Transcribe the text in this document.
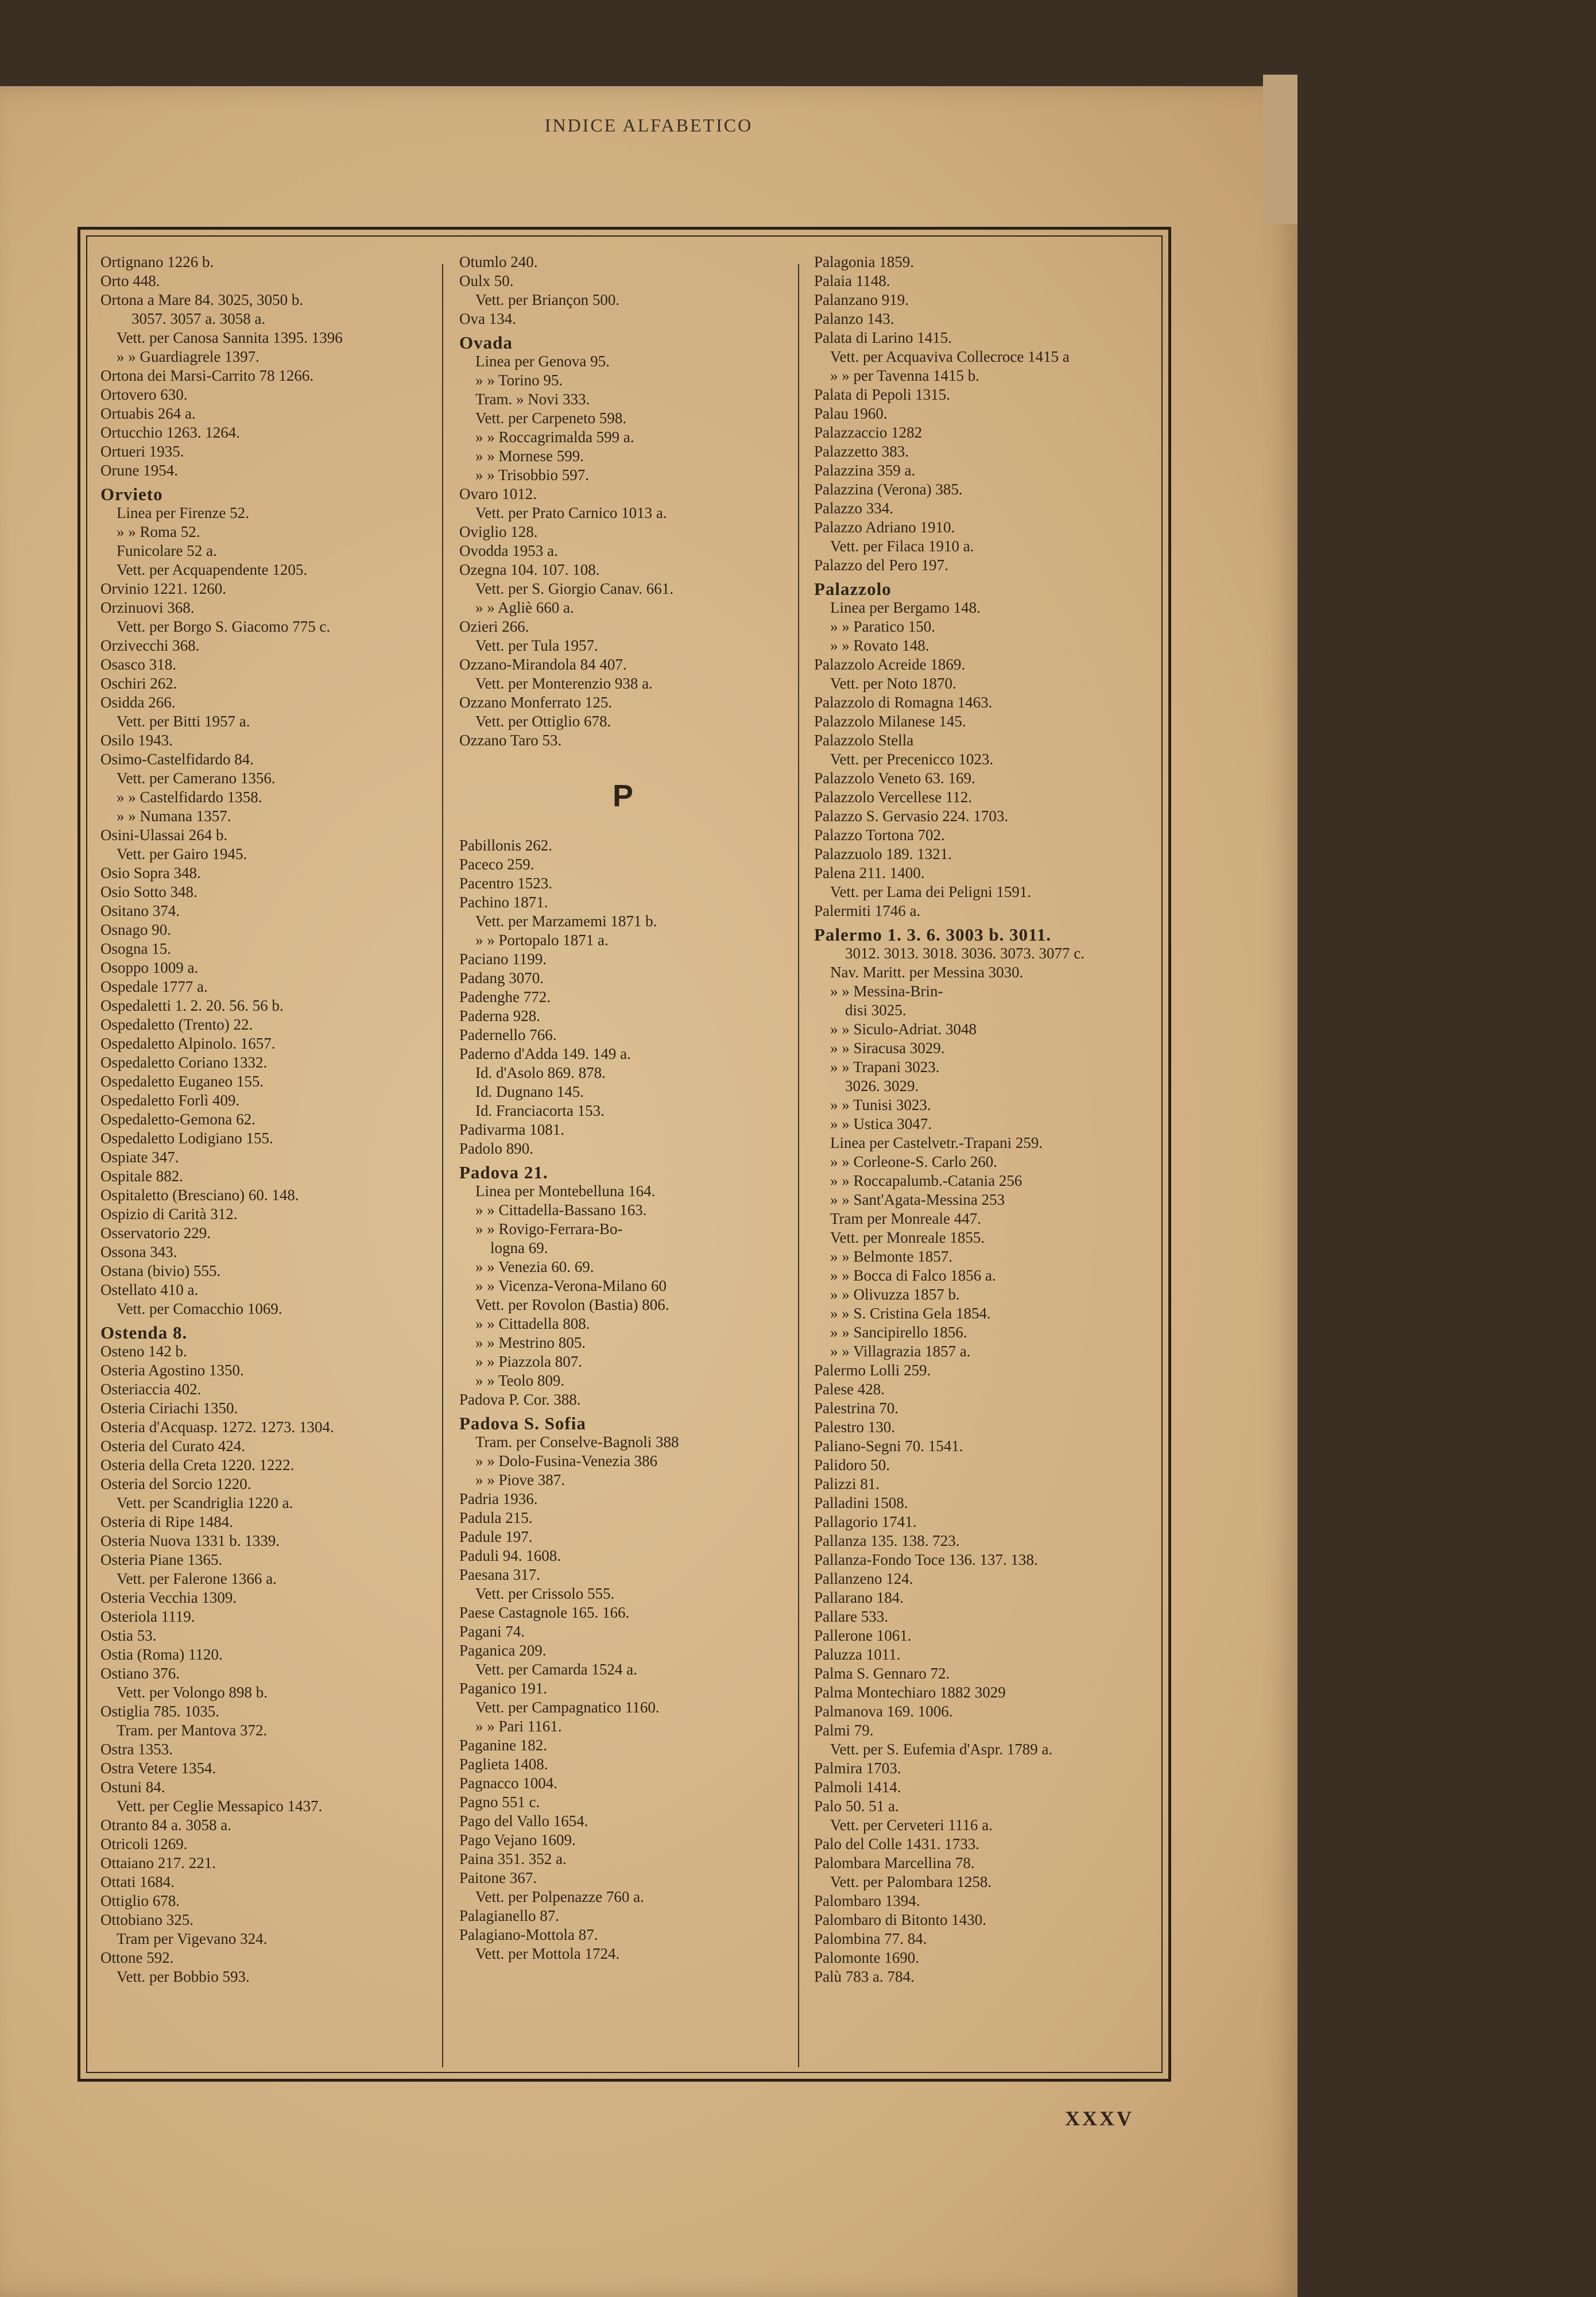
INDICE ALFABETICO
Ortignano 1226 b.
Orto 448.
Ortona a Mare 84. 3025, 3050 b.
3057. 3057 a. 3058 a.
Vett. per Canosa Sannita 1395. 1396
» » Guardiagrele 1397.
Ortona dei Marsi-Carrito 78 1266.
Ortovero 630.
Ortuabis 264 a.
Ortucchio 1263. 1264.
Ortueri 1935.
Orune 1954.
Orvieto
Linea per Firenze 52.
» » Roma 52.
Funicolare 52 a.
Vett. per Acquapendente 1205.
Orvinio 1221. 1260.
Orzinuovi 368.
Vett. per Borgo S. Giacomo 775 c.
Orzivecchi 368.
Osasco 318.
Oschiri 262.
Osidda 266.
Vett. per Bitti 1957 a.
Osilo 1943.
Osimo-Castelfidardo 84.
Vett. per Camerano 1356.
» » Castelfidardo 1358.
» » Numana 1357.
Osini-Ulassai 264 b.
Vett. per Gairo 1945.
Osio Sopra 348.
Osio Sotto 348.
Ositano 374.
Osnago 90.
Osogna 15.
Osoppo 1009 a.
Ospedale 1777 a.
Ospedaletti 1. 2. 20. 56. 56 b.
Ospedaletto (Trento) 22.
Ospedaletto Alpinolo. 1657.
Ospedaletto Coriano 1332.
Ospedaletto Euganeo 155.
Ospedaletto Forlì 409.
Ospedaletto-Gemona 62.
Ospedaletto Lodigiano 155.
Ospiate 347.
Ospitale 882.
Ospitaletto (Bresciano) 60. 148.
Ospizio di Carità 312.
Osservatorio 229.
Ossona 343.
Ostana (bivio) 555.
Ostellato 410 a.
Vett. per Comacchio 1069.
Ostenda 8.
Osteno 142 b.
Osteria Agostino 1350.
Osteriaccia 402.
Osteria Ciriachi 1350.
Osteria d'Acquasp. 1272. 1273. 1304.
Osteria del Curato 424.
Osteria della Creta 1220. 1222.
Osteria del Sorcio 1220.
Vett. per Scandriglia 1220 a.
Osteria di Ripe 1484.
Osteria Nuova 1331 b. 1339.
Osteria Piane 1365.
Vett. per Falerone 1366 a.
Osteria Vecchia 1309.
Osteriola 1119.
Ostia 53.
Ostia (Roma) 1120.
Ostiano 376.
Vett. per Volongo 898 b.
Ostiglia 785. 1035.
Tram. per Mantova 372.
Ostra 1353.
Ostra Vetere 1354.
Ostuni 84.
Vett. per Ceglie Messapico 1437.
Otranto 84 a. 3058 a.
Otricoli 1269.
Ottaiano 217. 221.
Ottati 1684.
Ottiglio 678.
Ottobiano 325.
Tram per Vigevano 324.
Ottone 592.
Vett. per Bobbio 593.
Otumlo 240.
Oulx 50.
Vett. per Briançon 500.
Ova 134.
Ovada
Linea per Genova 95.
» » Torino 95.
Tram. » Novi 333.
Vett. per Carpeneto 598.
» » Roccagrimalda 599 a.
» » Mornese 599.
» » Trisobbio 597.
Ovaro 1012.
Vett. per Prato Carnico 1013 a.
Oviglio 128.
Ovodda 1953 a.
Ozegna 104. 107. 108.
Vett. per S. Giorgio Canav. 661.
» » Agliè 660 a.
Ozieri 266.
Vett. per Tula 1957.
Ozzano-Mirandola 84 407.
Vett. per Monterenzio 938 a.
Ozzano Monferrato 125.
Vett. per Ottiglio 678.
Ozzano Taro 53.
P
Pabillonis 262.
Paceco 259.
Pacentro 1523.
Pachino 1871.
Vett. per Marzamemi 1871 b.
» » Portopalo 1871 a.
Paciano 1199.
Padang 3070.
Padenghe 772.
Paderna 928.
Padernello 766.
Paderno d'Adda 149. 149 a.
Id. d'Asolo 869. 878.
Id. Dugnano 145.
Id. Franciacorta 153.
Padivarma 1081.
Padolo 890.
Padova 21.
Linea per Montebelluna 164.
» » Cittadella-Bassano 163.
» » Rovigo-Ferrara-Bo-
logna 69.
» » Venezia 60. 69.
» » Vicenza-Verona-Milano 60
Vett. per Rovolon (Bastia) 806.
» » Cittadella 808.
» » Mestrino 805.
» » Piazzola 807.
» » Teolo 809.
Padova P. Cor. 388.
Padova S. Sofia
Tram. per Conselve-Bagnoli 388
» » Dolo-Fusina-Venezia 386
» » Piove 387.
Padria 1936.
Padula 215.
Padule 197.
Paduli 94. 1608.
Paesana 317.
Vett. per Crissolo 555.
Paese Castagnole 165. 166.
Pagani 74.
Paganica 209.
Vett. per Camarda 1524 a.
Paganico 191.
Vett. per Campagnatico 1160.
» » Pari 1161.
Paganine 182.
Paglieta 1408.
Pagnacco 1004.
Pagno 551 c.
Pago del Vallo 1654.
Pago Vejano 1609.
Paina 351. 352 a.
Paitone 367.
Vett. per Polpenazze 760 a.
Palagianello 87.
Palagiano-Mottola 87.
Vett. per Mottola 1724.
Palagonia 1859.
Palaia 1148.
Palanzano 919.
Palanzo 143.
Palata di Larino 1415.
Vett. per Acquaviva Collecroce 1415 a
» » per Tavenna 1415 b.
Palata di Pepoli 1315.
Palau 1960.
Palazzaccio 1282
Palazzetto 383.
Palazzina 359 a.
Palazzina (Verona) 385.
Palazzo 334.
Palazzo Adriano 1910.
Vett. per Filaca 1910 a.
Palazzo del Pero 197.
Palazzolo
Linea per Bergamo 148.
» » Paratico 150.
» » Rovato 148.
Palazzolo Acreide 1869.
Vett. per Noto 1870.
Palazzolo di Romagna 1463.
Palazzolo Milanese 145.
Palazzolo Stella
Vett. per Precenicco 1023.
Palazzolo Veneto 63. 169.
Palazzolo Vercellese 112.
Palazzo S. Gervasio 224. 1703.
Palazzo Tortona 702.
Palazzuolo 189. 1321.
Palena 211. 1400.
Vett. per Lama dei Peligni 1591.
Palermiti 1746 a.
Palermo 1. 3. 6. 3003 b. 3011.
3012. 3013. 3018. 3036. 3073. 3077 c.
Nav. Maritt. per Messina 3030.
» » Messina-Brin-
disi 3025.
» » Siculo-Adriat. 3048
» » Siracusa 3029.
» » Trapani 3023.
3026. 3029.
» » Tunisi 3023.
» » Ustica 3047.
Linea per Castelvetr.-Trapani 259.
» » Corleone-S. Carlo 260.
» » Roccapalumb.-Catania 256
» » Sant'Agata-Messina 253
Tram per Monreale 447.
Vett. per Monreale 1855.
» » Belmonte 1857.
» » Bocca di Falco 1856 a.
» » Olivuzza 1857 b.
» » S. Cristina Gela 1854.
» » Sancipirello 1856.
» » Villagrazia 1857 a.
Palermo Lolli 259.
Palese 428.
Palestrina 70.
Palestro 130.
Paliano-Segni 70. 1541.
Palidoro 50.
Palizzi 81.
Palladini 1508.
Pallagorio 1741.
Pallanza 135. 138. 723.
Pallanza-Fondo Toce 136. 137. 138.
Pallanzeno 124.
Pallarano 184.
Pallare 533.
Pallerone 1061.
Paluzza 1011.
Palma S. Gennaro 72.
Palma Montechiaro 1882 3029
Palmanova 169. 1006.
Palmi 79.
Vett. per S. Eufemia d'Aspr. 1789 a.
Palmira 1703.
Palmoli 1414.
Palo 50. 51 a.
Vett. per Cerveteri 1116 a.
Palo del Colle 1431. 1733.
Palombara Marcellina 78.
Vett. per Palombara 1258.
Palombaro 1394.
Palombaro di Bitonto 1430.
Palombina 77. 84.
Palomonte 1690.
Palù 783 a. 784.
XXXV
